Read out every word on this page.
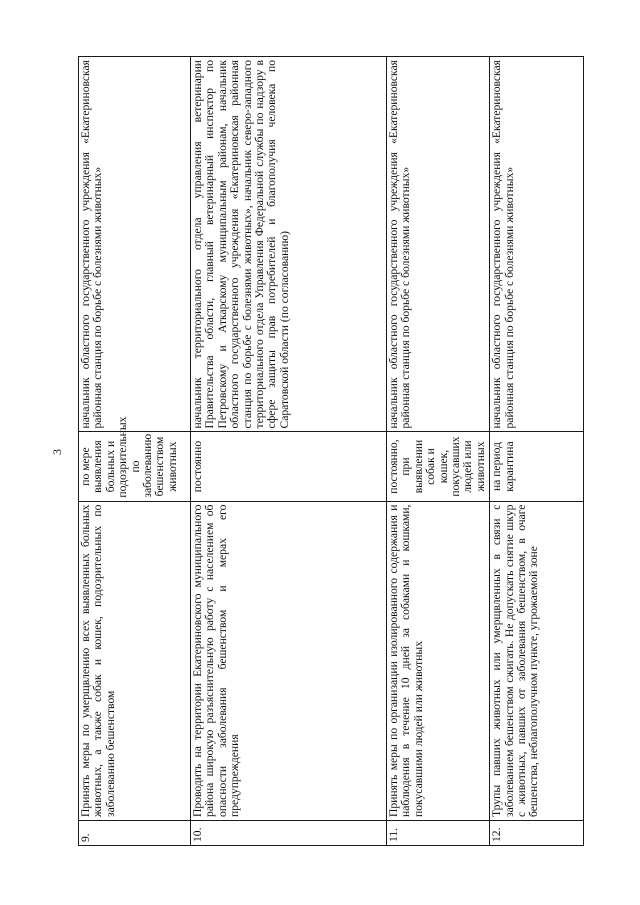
3
9.	Принять меры по умерщвлению всех выявленных больных животных, а также собак и кошек, подозрительных по заболеванию бешенством	по мере выявления больных и подозрительных по заболеванию бешенством животных	начальник областного государственного учреждения «Екатериновская районная станция по борьбе с болезнями животных»
10.	Проводить на территории Екатериновского муниципального района широкую разъяснительную работу с населением об опасности заболевания бешенством и мерах его предупреждения	постоянно	начальник территориального отдела управления ветеринарии Правительства области, главный ветеринарный инспектор по Петровскому и Аткарскому муниципальным районам, начальник областного государственного учреждения «Екатериновская районная станция по борьбе с болезнями животных», начальник северо-западного территориального отдела Управления Федеральной службы по надзору в сфере защиты прав потребителей и благополучия человека по Саратовской области (по согласованию)
11.	Принять меры по организации изолированного содержания и наблюдения в течение 10 дней за собаками и кошками, покусавшими людей или животных	постоянно, при выявлении собак и кошек, покусавших людей или животных	начальник областного государственного учреждения «Екатериновская районная станция по борьбе с болезнями животных»
12.	Трупы павших животных или умерщвленных в связи с заболеванием бешенством сжигать. Не допускать снятие шкур с животных, павших от заболевания бешенством, в очаге бешенства, неблагополучном пункте, угрожаемой зоне	на период карантина	начальник областного государственного учреждения «Екатериновская районная станция по борьбе с болезнями животных»
